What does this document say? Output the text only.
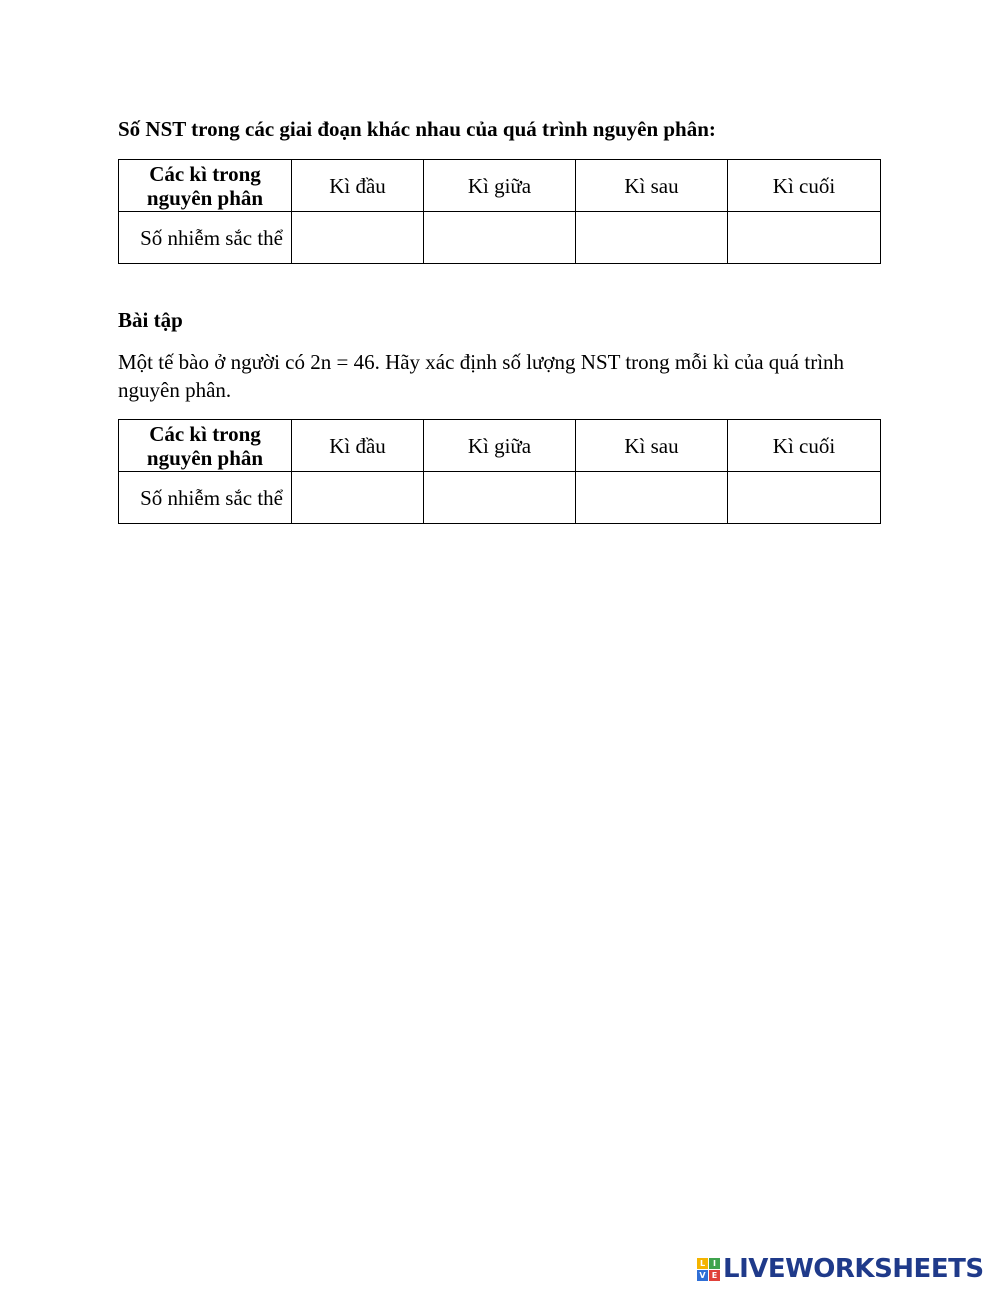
Số NST trong các giai đoạn khác nhau của quá trình nguyên phân:
Các kì trong nguyên phân	Kì đầu	Kì giữa	Kì sau	Kì cuối
Số nhiễm sắc thể				
Bài tập
Một tế bào ở người có 2n = 46. Hãy xác định số lượng NST trong mỗi kì của quá trình nguyên phân.
Các kì trong nguyên phân	Kì đầu	Kì giữa	Kì sau	Kì cuối
Số nhiễm sắc thể				
L I
V E LIVEWORKSHEETS
